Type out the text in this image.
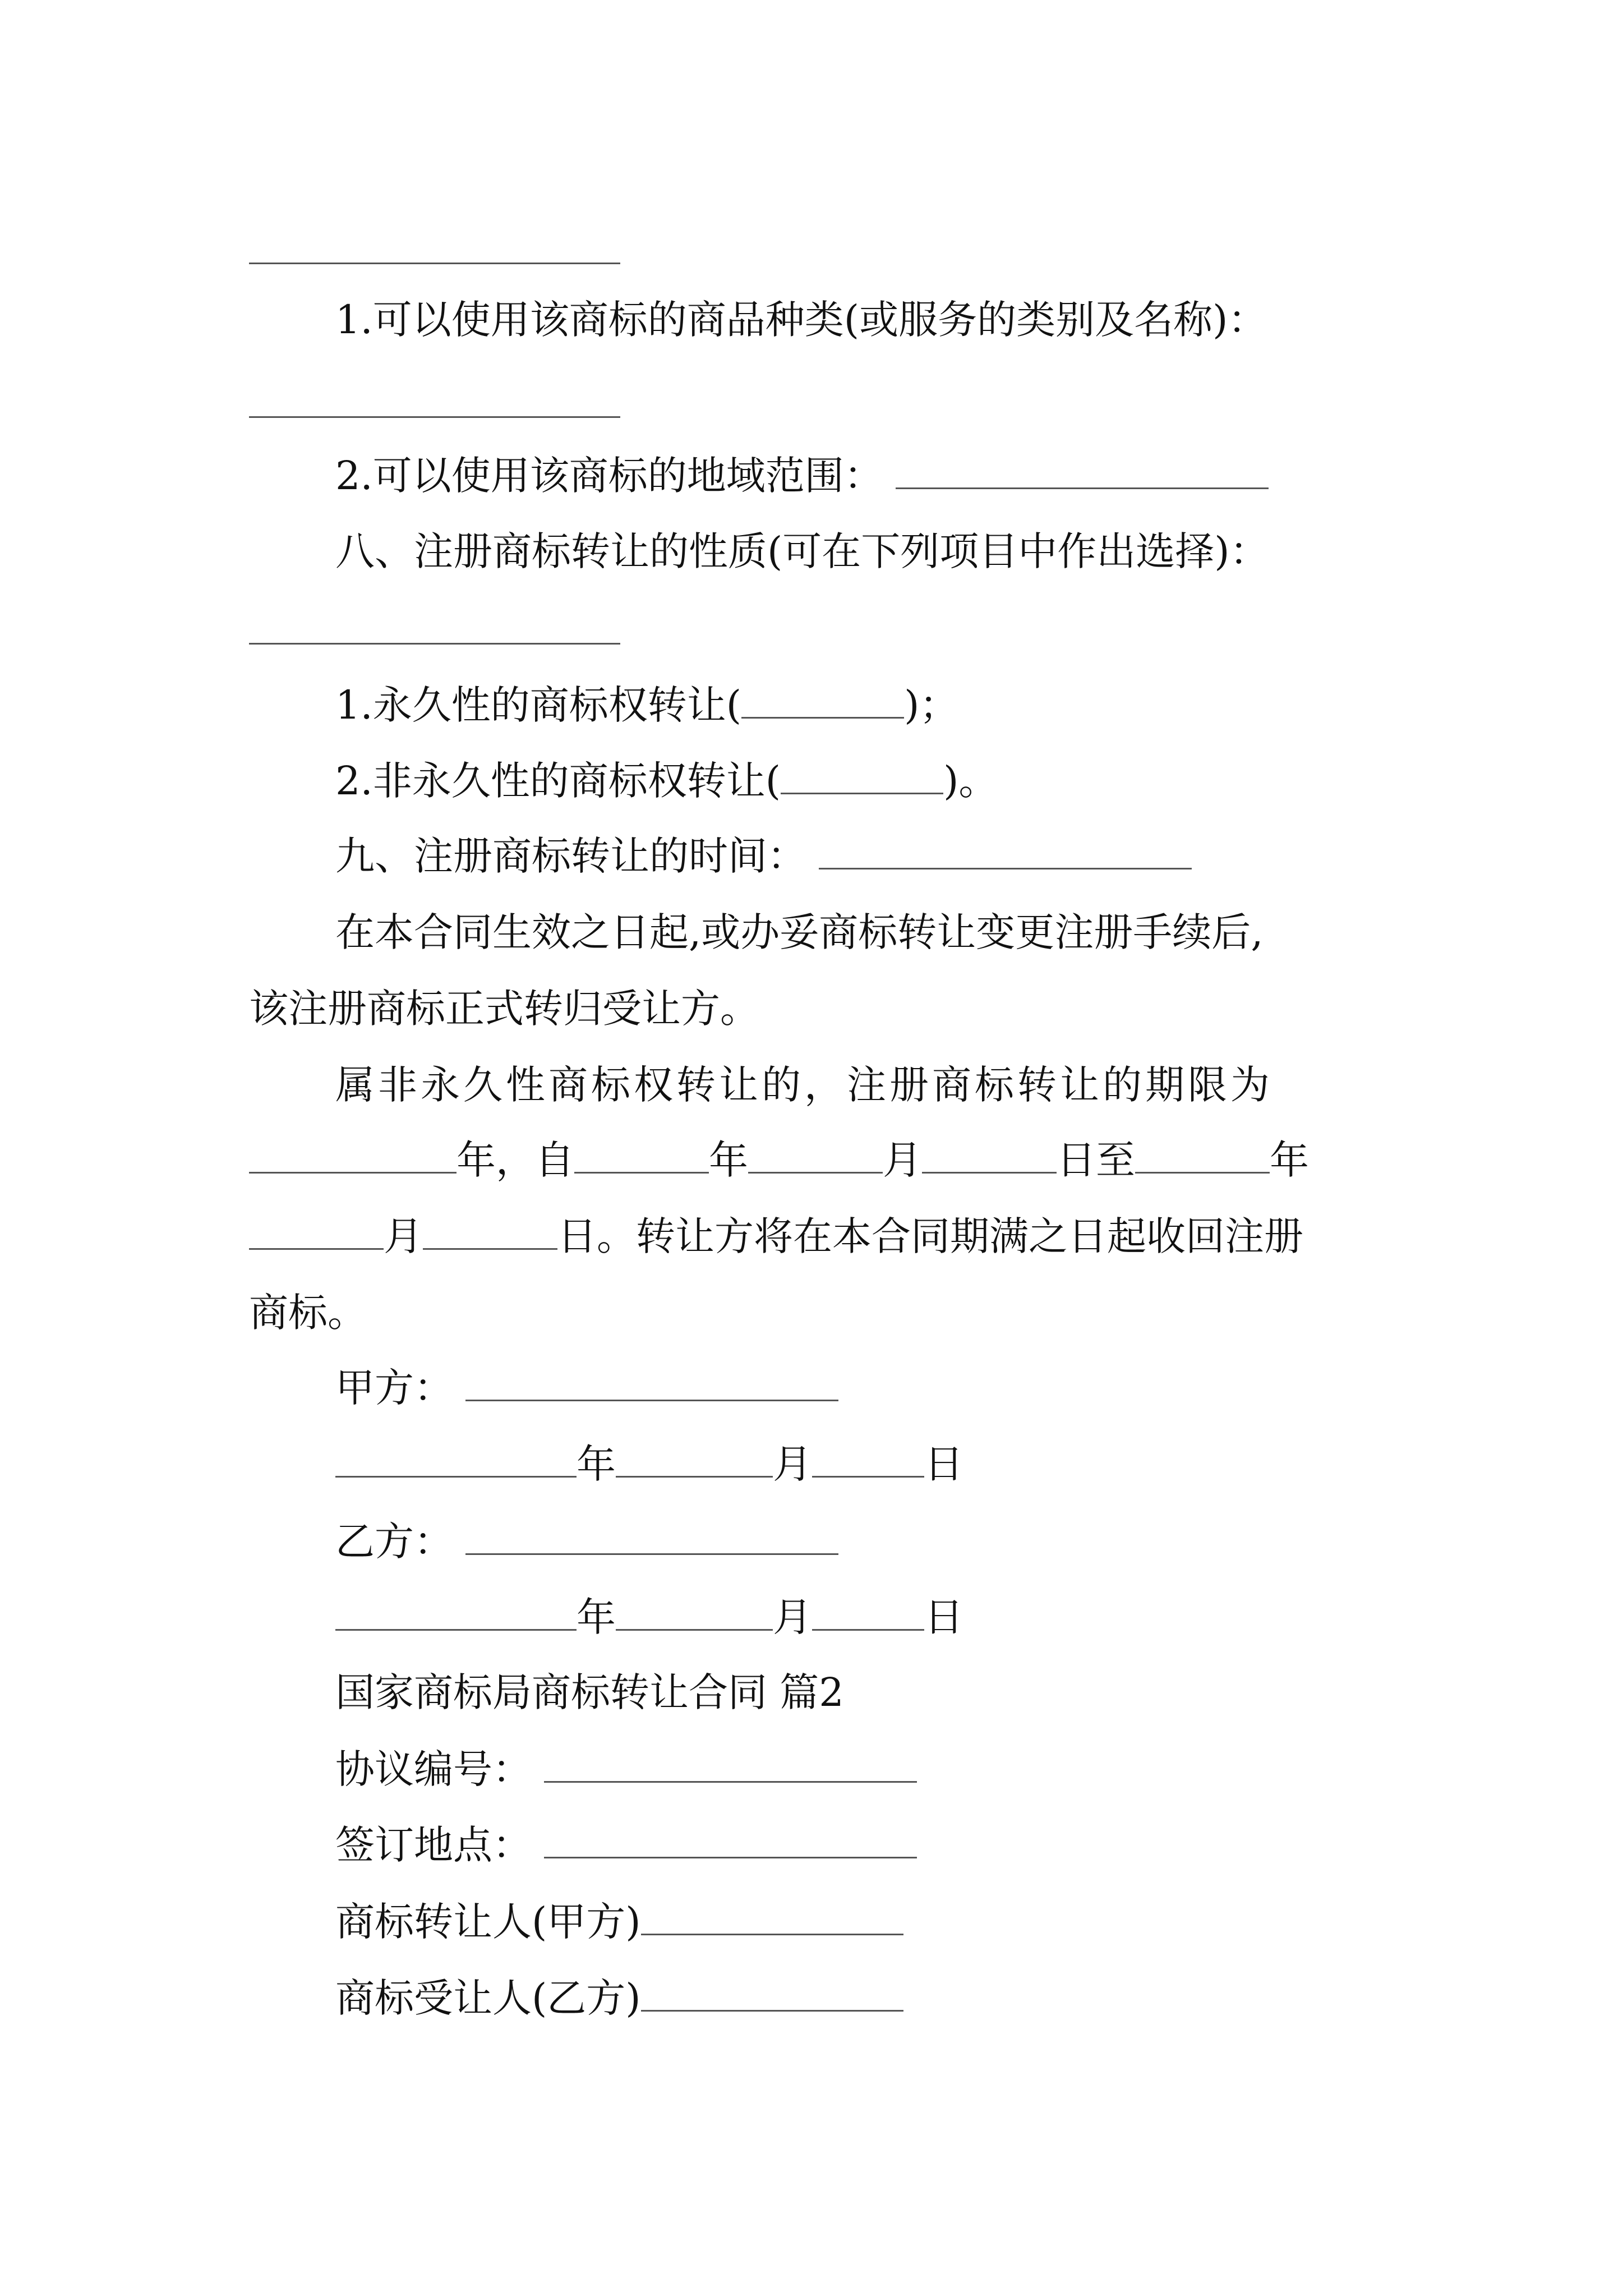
1.可以使用该商标的商品种类(或服务的类别及名称)：
2.可以使用该商标的地域范围：
八、注册商标转让的性质(可在下列项目中作出选择)：
1.永久性的商标权转让(	)；
2.非永久性的商标权转让(	)。
九、注册商标转让的时间：
在本合同生效之日起,或办妥商标转让变更注册手续后,
该注册商标正式转归受让方。
属非永久性商标权转让的，注册商标转让的期限为
年，自	年	月	日至	年
月	日。转让方将在本合同期满之日起收回注册
商标。
甲方：
年	月	日
乙方：
年	月	日
国家商标局商标转让合同 篇2
协议编号：
签订地点：
商标转让人(甲方)
商标受让人(乙方)
